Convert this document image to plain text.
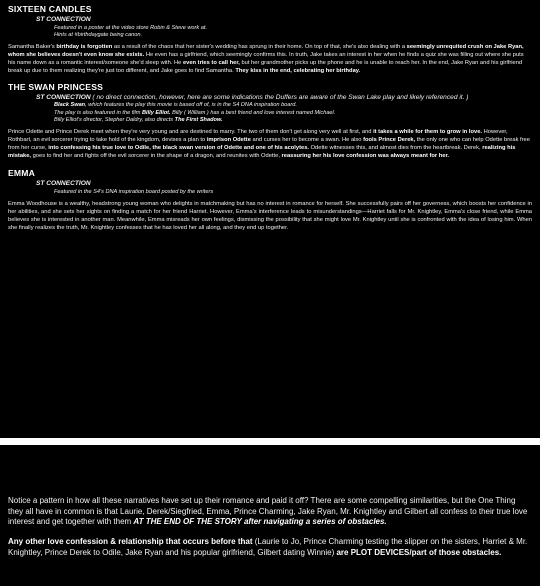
SIXTEEN CANDLES
ST CONNECTION
Featured in a poster at the video store Robin & Steve work at.
Hints at #birthdaygate being canon.

Samantha Baker's birthday is forgotten as a result of the chaos that her sister's wedding has sprung in their home. On top of that, she's also dealing with a seemingly unrequited crush on Jake Ryan, whom she believes doesn't even know she exists. He even has a girlfriend, which seemingly confirms this. In truth, Jake takes an interest in her when he finds a quiz she was filling out where she puts his name down as a romantic interest/someone she'd sleep with. He even tries to call her, but her grandmother picks up the phone and he is unable to reach her. In the end, Jake Ryan and his girlfriend break up due to them realizing they're just too different, and Jake goes to find Samantha. They kiss in the end, celebrating her birthday.

THE SWAN PRINCESS
ST CONNECTION ( no direct connection, however, here are some indications the Duffers are aware of the Swan Lake play and likely referenced it. )
Black Swan, which features the play this movie is based off of, is in the S4 DNA inspiration board.
The play is also featured in the film Billy Elliot. Billy ( William ) has a best friend and love interest named Michael.
Billy Elliot's director, Stepher Daldry, also directs The First Shadow.

Prince Odette and Prince Derek meet when they're very young and are destined to marry. The two of them don't get along very well at first, and it takes a while for them to grow in love. However, Rothbart, an evil sorcerer trying to take hold of the kingdom, devises a plan to imprison Odette and curses her to become a swan. He also fools Prince Derek, the only one who can help Odette break free from her curse, into confessing his true love to Odile, the black swan version of Odette and one of his acolytes. Odette witnesses this, and almost dies from the heartbreak. Derek, realizing his mistake, goes to find her and fights off the evil sorcerer in the shape of a dragon, and reunites with Odette, reassuring her his love confession was always meant for her.

EMMA
ST CONNECTION
Featured in the S4's DNA inspiration board posted by the writers

Emma Woodhouse is a wealthy, headstrong young woman who delights in matchmaking but has no interest in romance for herself. She successfully pairs off her governess, which boosts her confidence in her abilities, and she sets her sights on finding a match for her friend Harriet. However, Emma's interference leads to misunderstandings—Harriet falls for Mr. Knightley, Emma's close friend, while Emma believes she is interested in another man. Meanwhile, Emma misreads her own feelings, dismissing the possibility that she might love Mr. Knightley until she is confronted with the idea of losing him. When she finally realizes the truth, Mr. Knightley confesses that he has loved her all along, and they end up together.

Notice a pattern in how all these narratives have set up their romance and paid it off? There are some compelling similarities, but the One Thing they all have in common is that Laurie, Derek/Siegfried, Emma, Prince Charming, Jake Ryan, Mr. Knightley and Gilbert all confess to their true love interest and get together with them AT THE END OF THE STORY after navigating a series of obstacles.

Any other love confession & relationship that occurs before that (Laurie to Jo, Prince Charming testing the slipper on the sisters, Harriet & Mr. Knightley, Prince Derek to Odile, Jake Ryan and his popular girlfriend, Gilbert dating Winnie) are PLOT DEVICES/part of those obstacles.
